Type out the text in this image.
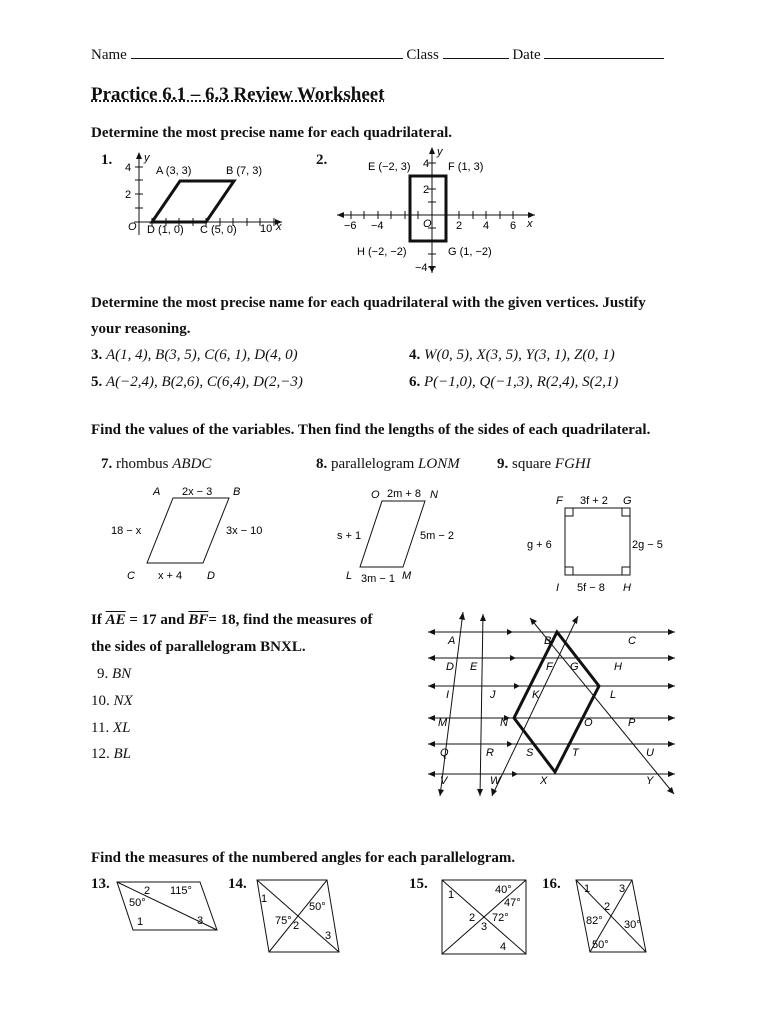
Name	Class	Date
Practice 6.1 – 6.3 Review Worksheet
Determine the most precise name for each quadrilateral.
1.	2.
y
4
2
O	10 x
A (3, 3)	B (7, 3)
D (1, 0) C (5, 0)
y
4
2
−4
O
−6 −4	2 4 6 x
E (−2, 3)	F (1, 3)
G (1, −2)
H (−2, −2)
Determine the most precise name for each quadrilateral with the given vertices. Justify
your reasoning.
3. A(1, 4), B(3, 5), C(6, 1), D(4, 0)	4. W(0, 5), X(3, 5), Y(3, 1), Z(0, 1)
5. A(−2,4), B(2,6), C(6,4), D(2,−3)	6. P(−1,0), Q(−1,3), R(2,4), S(2,1)
Find the values of the variables. Then find the lengths of the sides of each quadrilateral.
7. rhombus ABDC	8. parallelogram LONM 9. square FGHI
A	B
C	D
2x − 3
18 − x	3x − 10
x + 4
O	N
L	M
2m + 8
s + 1	5m − 2
3m − 1
F	G
H
I
3f + 2
g + 6	2g − 5
5f − 8
If $\overline{AE} = 17$ and $\overline{BF}= 18$, find the measures of
the sides of parallelogram BNXL.
9. BN
10. NX
11. XL
12. BL
A	B	C
D E	F G	H
I	J	K	L
M	N	O	P
Q	R	S	T	U
V	W	X	Y
Find the measures of the numbered angles for each parallelogram.
13.	14.	15.	16.
2 115°
50°
1	3
1
50°
75° 2
3
40°
1
47°
2 72°
3
4
1	3
2
82° 30°
50°
